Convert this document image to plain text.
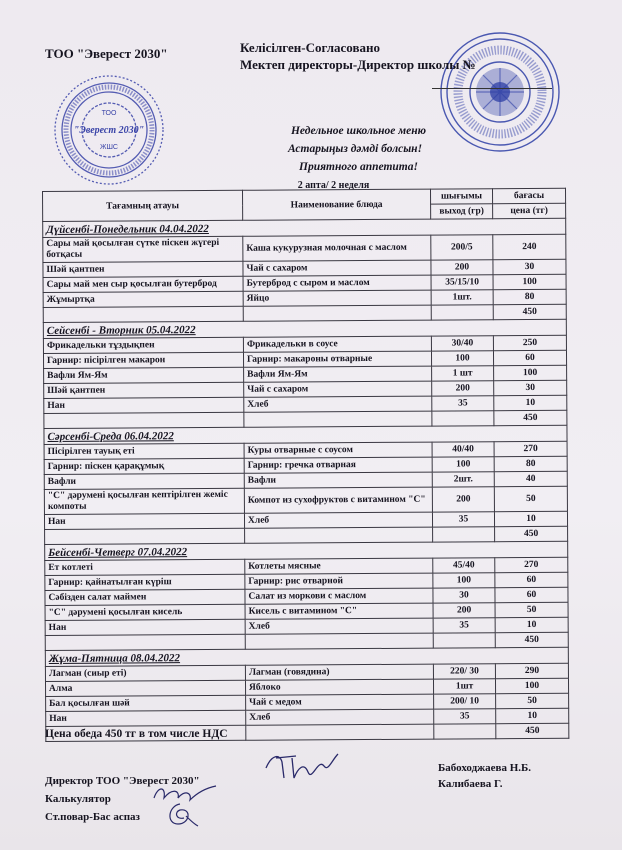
ТОО
"Эверест 2030"
ЖШС
ТОО "Эверест 2030"	Келісілген-Согласовано
Мектеп директоры-Директор школы №
Недельное школьное меню
Астарыңыз дәмді болсын!
Приятного аппетита!
2 апта/ 2 неделя
Тағамның атауы	Наименование блюда	шығымы	бағасы
		выход (гр)	цена (тг)
Дүйсенбі-Понедельник 04.04.2022			
Сары май қосылған сүтке піскен жүгері ботқасы	Каша кукурузная молочная с маслом	200/5	240
Шәй қантпен	Чай с сахаром	200	30
Сары май мен сыр қосылған бутерброд	Бутерброд с сыром и маслом	35/15/10	100
Жұмыртқа	Яйцо	1шт.	80
			450
Сейсенбі - Вторник 05.04.2022			
Фрикадельки тұздықпен	Фрикадельки в соусе	30/40	250
Гарнир: пісірілген макарон	Гарнир: макароны отварные	100	60
Вафли Ям-Ям	Вафли Ям-Ям	1 шт	100
Шәй қантпен	Чай с сахаром	200	30
Нан	Хлеб	35	10
			450
Сәрсенбі-Среда 06.04.2022			
Пісірілген тауық еті	Куры отварные с соусом	40/40	270
Гарнир: піскен қарақұмық	Гарнир: гречка отварная	100	80
Вафли	Вафли	2шт.	40
"С" дәрумені қосылған кептірілген жеміс компоты	Компот из сухофруктов с витамином "С"	200	50
Нан	Хлеб	35	10
			450
Бейсенбі-Четверг 07.04.2022			
Ет котлеті	Котлеты мясные	45/40	270
Гарнир: қайнатылған күріш	Гарнир: рис отварной	100	60
Сәбізден салат маймен	Салат из моркови с маслом	30	60
"С" дәрумені қосылған кисель	Кисель с витамином "С"	200	50
Нан	Хлеб	35	10
			450
Жұма-Пятница 08.04.2022			
Лагман (сиыр еті)	Лагман (говядина)	220/ 30	290
Алма	Яблоко	1шт	100
Бал қосылған шәй	Чай с медом	200/ 10	50
Нан	Хлеб	35	10
			450
Цена обеда 450 тг в том числе НДС
Директор ТОО "Эверест 2030"
Калькулятор
Ст.повар-Бас аспаз
Бабоходжаева Н.Б.
Калибаева Г.
